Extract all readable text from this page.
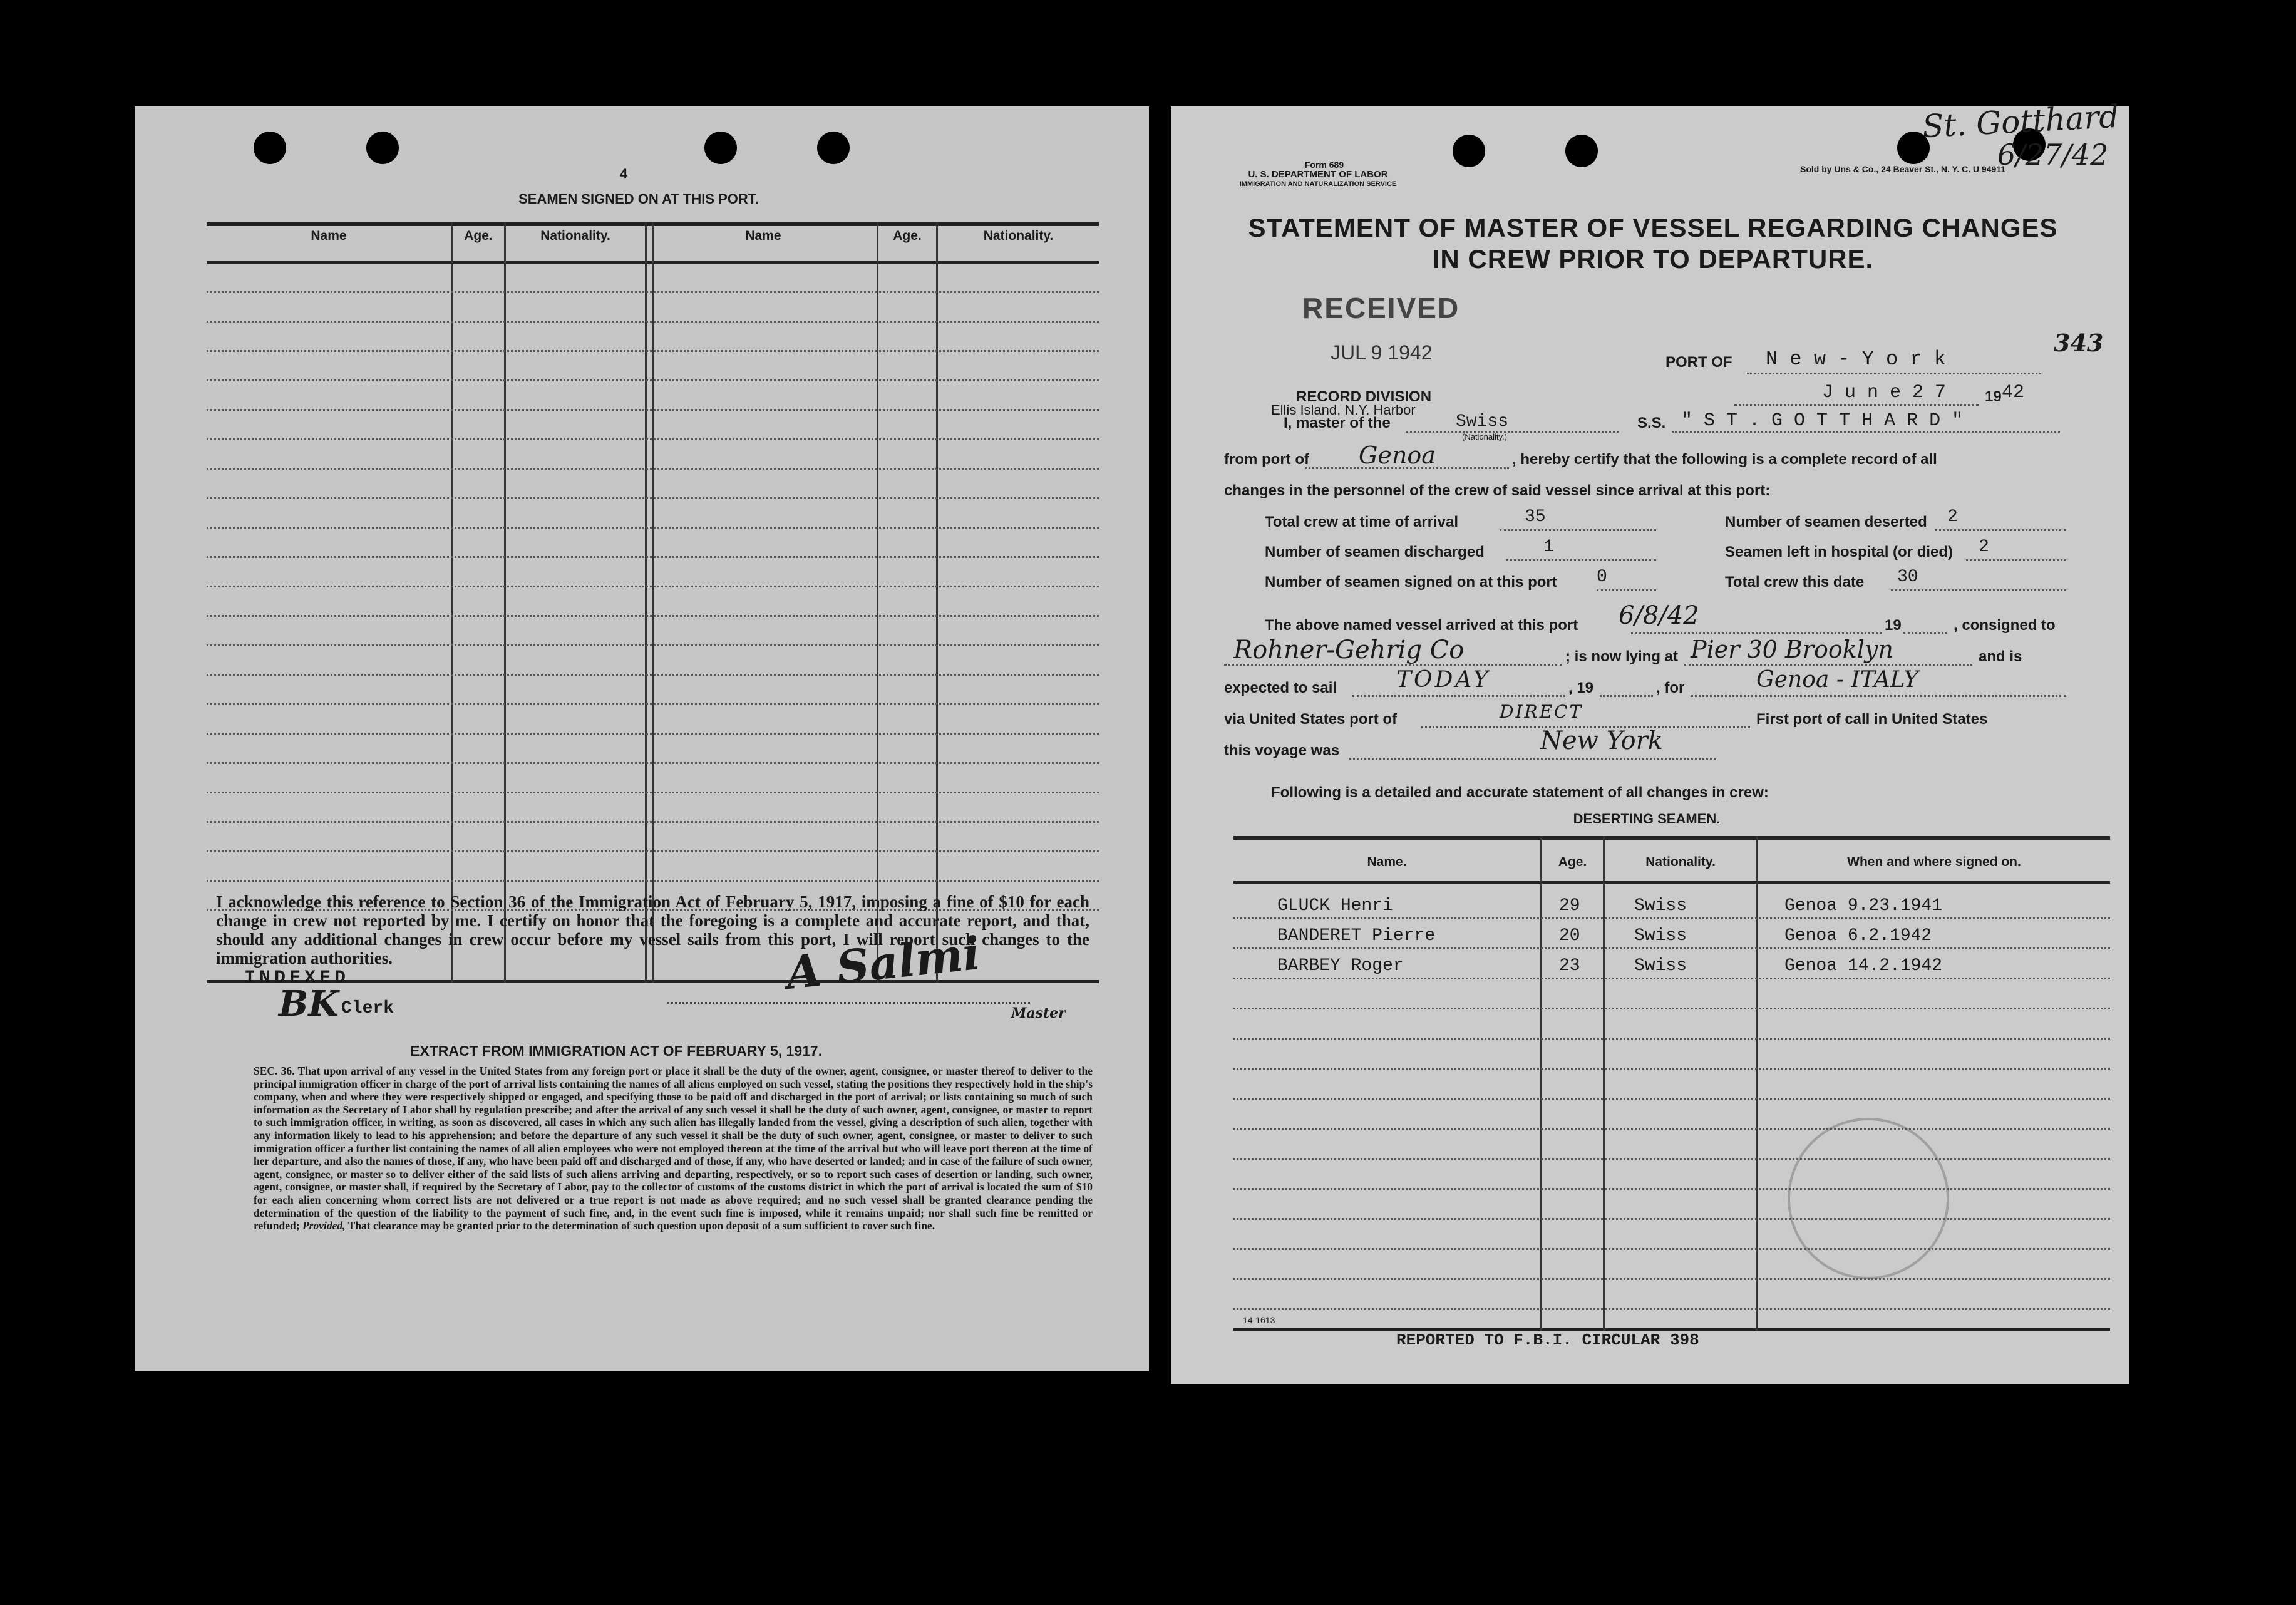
4
SEAMEN SIGNED ON AT THIS PORT.
Name	Age.	Nationality.	Name	Age.	Nationality.
I acknowledge this reference to Section 36 of the Immigration Act of February 5, 1917, imposing a fine of $10 for each change in crew not reported by me. I certify on honor that the foregoing is a complete and accurate report, and that, should any additional changes in crew occur before my vessel sails from this port, I will report such changes to the immigration authorities.
INDEXED
BK Clerk
A Salmi
Master
EXTRACT FROM IMMIGRATION ACT OF FEBRUARY 5, 1917.
SEC. 36. That upon arrival of any vessel in the United States from any foreign port or place it shall be the duty of the owner, agent, consignee, or master thereof to deliver to the principal immigration officer in charge of the port of arrival lists containing the names of all aliens employed on such vessel, stating the positions they respectively hold in the ship's company, when and where they were respectively shipped or engaged, and specifying those to be paid off and discharged in the port of arrival; or lists containing so much of such information as the Secretary of Labor shall by regulation prescribe; and after the arrival of any such vessel it shall be the duty of such owner, agent, consignee, or master to report to such immigration officer, in writing, as soon as discovered, all cases in which any such alien has illegally landed from the vessel, giving a description of such alien, together with any information likely to lead to his apprehension; and before the departure of any such vessel it shall be the duty of such owner, agent, consignee, or master to deliver to such immigration officer a further list containing the names of all alien employees who were not employed thereon at the time of the arrival but who will leave port thereon at the time of her departure, and also the names of those, if any, who have been paid off and discharged and of those, if any, who have deserted or landed; and in case of the failure of such owner, agent, consignee, or master so to deliver either of the said lists of such aliens arriving and departing, respectively, or so to report such cases of desertion or landing, such owner, agent, consignee, or master shall, if required by the Secretary of Labor, pay to the collector of customs of the customs district in which the port of arrival is located the sum of $10 for each alien concerning whom correct lists are not delivered or a true report is not made as above required; and no such vessel shall be granted clearance pending the determination of the question of the liability to the payment of such fine, and, in the event such fine is imposed, while it remains unpaid; nor shall such fine be remitted or refunded; Provided, That clearance may be granted prior to the determination of such question upon deposit of a sum sufficient to cover such fine.
St. Gotthard
6/27/42
Form 689
U. S. DEPARTMENT OF LABOR
IMMIGRATION AND NATURALIZATION SERVICE
Sold by Uns & Co., 24 Beaver St., N. Y. C. U 94911
STATEMENT OF MASTER OF VESSEL REGARDING CHANGES
IN CREW PRIOR TO DEPARTURE.
RECEIVED
JUL 9 1942
RECORD DIVISION
Ellis Island, N.Y. Harbor
343
PORT OF N e w - Y o r k
J u n e 2 7	19 42
I, master of the	Swiss
(Nationality.)
S.S. " S T . G O T T H A R D "
from port of Genoa	, hereby certify that the following is a complete record of all
changes in the personnel of the crew of said vessel since arrival at this port:
Total crew at time of arrival	35
Number of seamen discharged	1
Number of seamen signed on at this port 0
Number of seamen deserted 2
Seamen left in hospital (or died) 2
Total crew this date 30
The above named vessel arrived at this port 6/8/42	19	, consigned to
Rohner-Gehrig Co	; is now lying at Pier 30 Brooklyn	and is
expected to sail	TODAY	, 19	, for	Genoa - ITALY
via United States port of	DIRECT	First port of call in United States
this voyage was	New York
Following is a detailed and accurate statement of all changes in crew:
DESERTING SEAMEN.
Name.	Age.	Nationality.	When and where signed on.
GLUCK Henri	29	Swiss	Genoa 9.23.1941
BANDERET Pierre	20	Swiss	Genoa 6.2.1942
BARBEY Roger	23	Swiss	Genoa 14.2.1942
14-1613
REPORTED TO F.B.I. CIRCULAR 398
